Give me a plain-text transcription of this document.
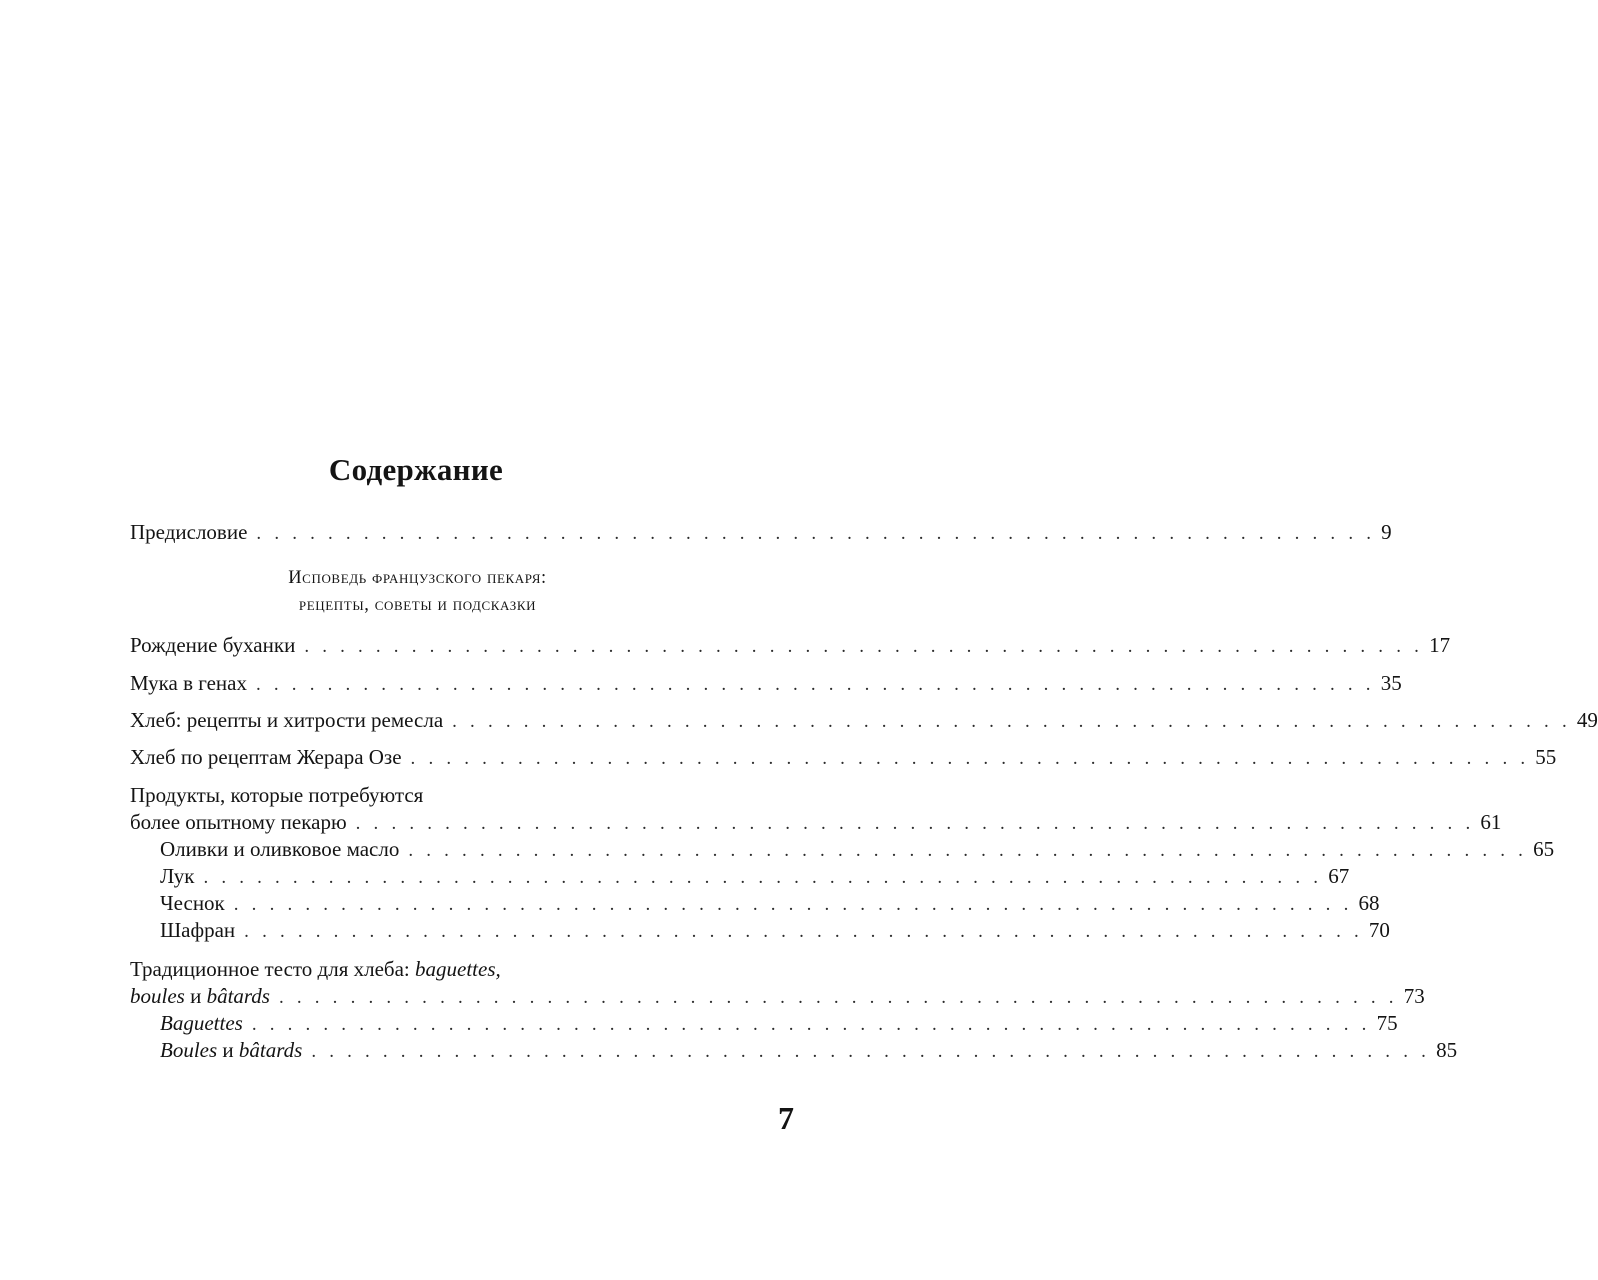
Содержание
Предисловие . . . . . . . . . . . . . . . . . . . . . . . . . . . . . . . . . . . . . . . . . . . . . . . . . . . . . . . . . . . . . . . 9
Исповедь французского пекаря:
рецепты, советы и подсказки
Рождение буханки . . . . . . . . . . . . . . . . . . . . . . . . . . . . . . . . . . . . . . . . . . . . . . . . . . . . . . . . . . . . . . . 17
Мука в генах . . . . . . . . . . . . . . . . . . . . . . . . . . . . . . . . . . . . . . . . . . . . . . . . . . . . . . . . . . . . . . . 35
Хлеб: рецепты и хитрости ремесла . . . . . . . . . . . . . . . . . . . . . . . . . . . . . . . . . . . . . . . . . . . . . . . . . . . . . . . . . . . . . . . 49
Хлеб по рецептам Жерара Озе . . . . . . . . . . . . . . . . . . . . . . . . . . . . . . . . . . . . . . . . . . . . . . . . . . . . . . . . . . . . . . . 55
Продукты, которые потребуются
более опытному пекарю . . . . . . . . . . . . . . . . . . . . . . . . . . . . . . . . . . . . . . . . . . . . . . . . . . . . . . . . . . . . . . . 61
Оливки и оливковое масло . . . . . . . . . . . . . . . . . . . . . . . . . . . . . . . . . . . . . . . . . . . . . . . . . . . . . . . . . . . . . . . 65
Лук . . . . . . . . . . . . . . . . . . . . . . . . . . . . . . . . . . . . . . . . . . . . . . . . . . . . . . . . . . . . . . . 67
Чеснок . . . . . . . . . . . . . . . . . . . . . . . . . . . . . . . . . . . . . . . . . . . . . . . . . . . . . . . . . . . . . . . 68
Шафран . . . . . . . . . . . . . . . . . . . . . . . . . . . . . . . . . . . . . . . . . . . . . . . . . . . . . . . . . . . . . . . 70
Традиционное тесто для хлеба: baguettes,
boules и bâtards . . . . . . . . . . . . . . . . . . . . . . . . . . . . . . . . . . . . . . . . . . . . . . . . . . . . . . . . . . . . . . . 73
Baguettes . . . . . . . . . . . . . . . . . . . . . . . . . . . . . . . . . . . . . . . . . . . . . . . . . . . . . . . . . . . . . . . 75
Boules и bâtards . . . . . . . . . . . . . . . . . . . . . . . . . . . . . . . . . . . . . . . . . . . . . . . . . . . . . . . . . . . . . . . 85
7
